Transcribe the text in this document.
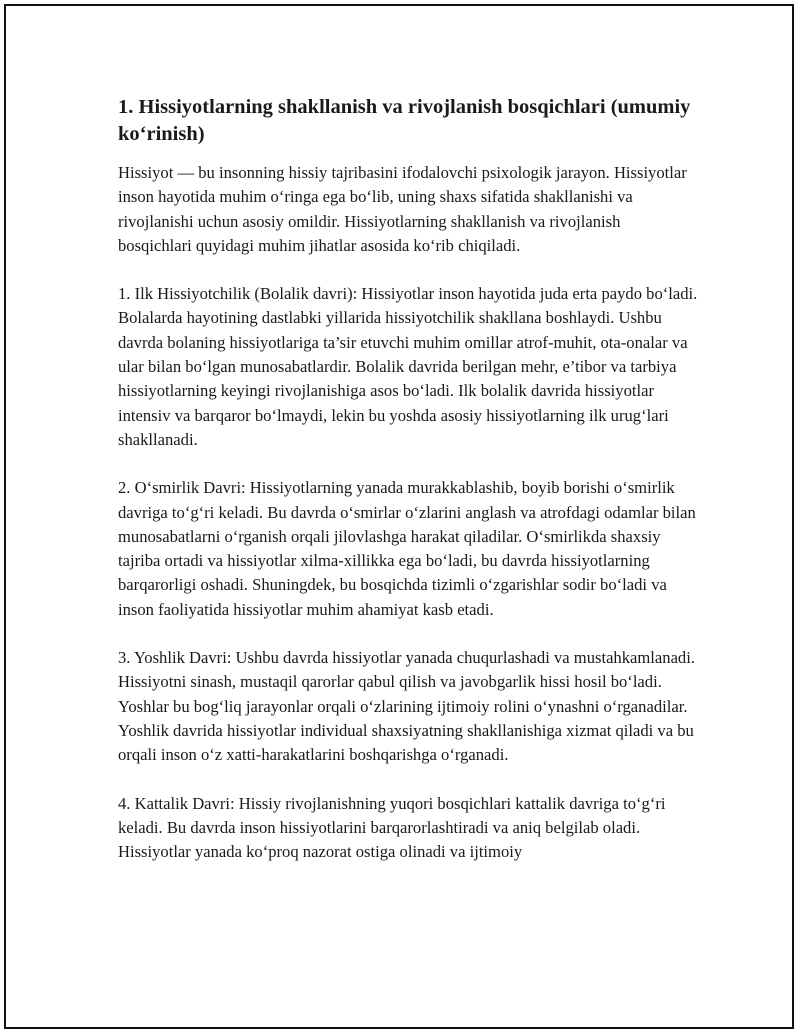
1. Hissiyotlarning shakllanish va rivojlanish bosqichlari (umumiy ko‘rinish)

Hissiyot — bu insonning hissiy tajribasini ifodalovchi psixologik jarayon. Hissiyotlar inson hayotida muhim o‘ringa ega bo‘lib, uning shaxs sifatida shakllanishi va rivojlanishi uchun asosiy omildir. Hissiyotlarning shakllanish va rivojlanish bosqichlari quyidagi muhim jihatlar asosida ko‘rib chiqiladi.

1. Ilk Hissiyotchilik (Bolalik davri): Hissiyotlar inson hayotida juda erta paydo bo‘ladi. Bolalarda hayotining dastlabki yillarida hissiyotchilik shakllana boshlaydi. Ushbu davrda bolaning hissiyotlariga ta’sir etuvchi muhim omillar atrof-muhit, ota-onalar va ular bilan bo‘lgan munosabatlardir. Bolalik davrida berilgan mehr, e’tibor va tarbiya hissiyotlarning keyingi rivojlanishiga asos bo‘ladi. Ilk bolalik davrida hissiyotlar intensiv va barqaror bo‘lmaydi, lekin bu yoshda asosiy hissiyotlarning ilk urug‘lari shakllanadi.

2. O‘smirlik Davri: Hissiyotlarning yanada murakkablashib, boyib borishi o‘smirlik davriga to‘g‘ri keladi. Bu davrda o‘smirlar o‘zlarini anglash va atrofdagi odamlar bilan munosabatlarni o‘rganish orqali jilovlashga harakat qiladilar. O‘smirlikda shaxsiy tajriba ortadi va hissiyotlar xilma-xillikka ega bo‘ladi, bu davrda hissiyotlarning barqarorligi oshadi. Shuningdek, bu bosqichda tizimli o‘zgarishlar sodir bo‘ladi va inson faoliyatida hissiyotlar muhim ahamiyat kasb etadi.

3. Yoshlik Davri: Ushbu davrda hissiyotlar yanada chuqurlashadi va mustahkamlanadi. Hissiyotni sinash, mustaqil qarorlar qabul qilish va javobgarlik hissi hosil bo‘ladi. Yoshlar bu bog‘liq jarayonlar orqali o‘zlarining ijtimoiy rolini o‘ynashni o‘rganadilar. Yoshlik davrida hissiyotlar individual shaxsiyatning shakllanishiga xizmat qiladi va bu orqali inson o‘z xatti-harakatlarini boshqarishga o‘rganadi.

4. Kattalik Davri: Hissiy rivojlanishning yuqori bosqichlari kattalik davriga to‘g‘ri keladi. Bu davrda inson hissiyotlarini barqarorlashtiradi va aniq belgilab oladi. Hissiyotlar yanada ko‘proq nazorat ostiga olinadi va ijtimoiy
